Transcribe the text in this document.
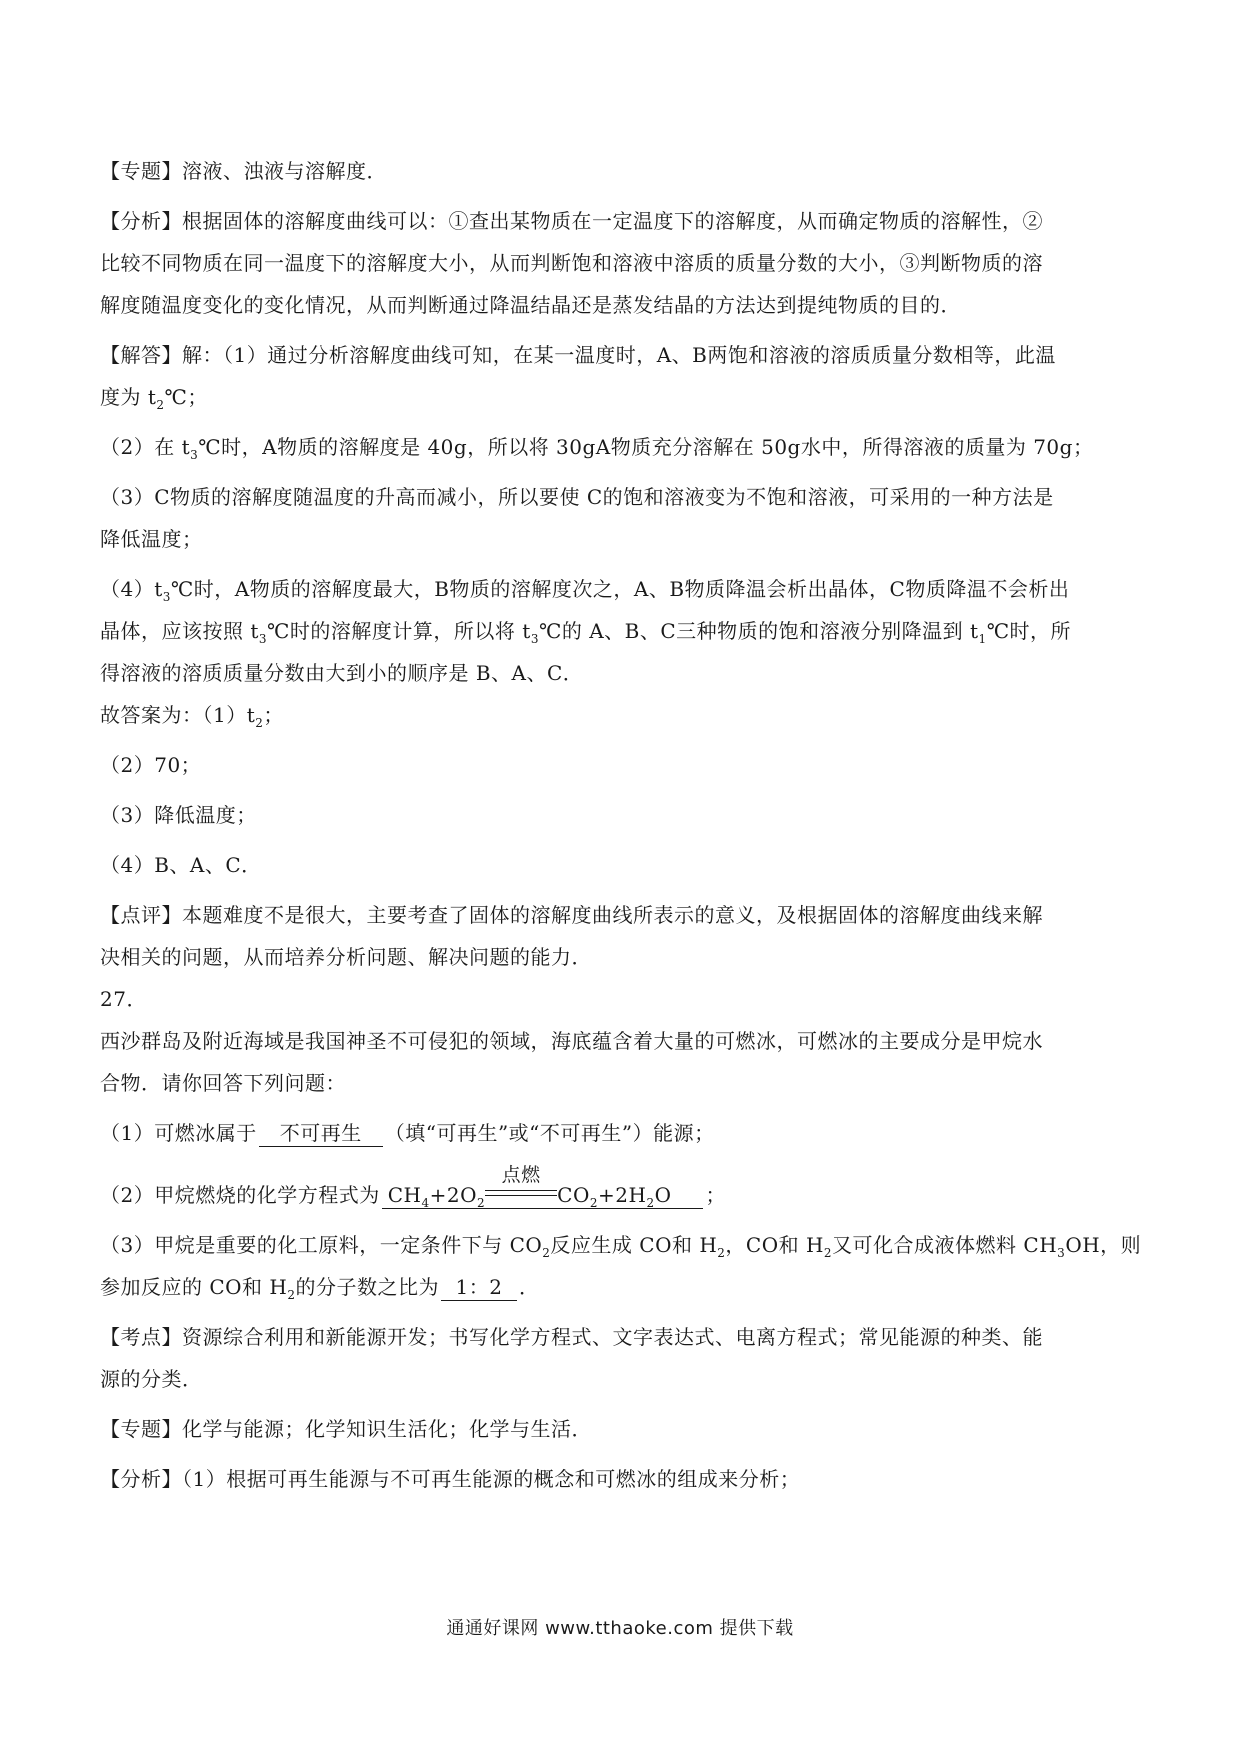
【专题】溶液、浊液与溶解度．
【分析】根据固体的溶解度曲线可以：①查出某物质在一定温度下的溶解度，从而确定物质的溶解性，②
比较不同物质在同一温度下的溶解度大小，从而判断饱和溶液中溶质的质量分数的大小，③判断物质的溶
解度随温度变化的变化情况，从而判断通过降温结晶还是蒸发结晶的方法达到提纯物质的目的．
【解答】解：（1）通过分析溶解度曲线可知，在某一温度时，A、B两饱和溶液的溶质质量分数相等，此温
度为 $t_2℃$；
（2）在 $t_3℃$时，A物质的溶解度是 40g，所以将 30gA物质充分溶解在 50g水中，所得溶液的质量为 70g；
（3）C物质的溶解度随温度的升高而减小，所以要使 C的饱和溶液变为不饱和溶液，可采用的一种方法是
降低温度；
$(4)t_3℃$时，A物质的溶解度最大，B物质的溶解度次之，A、B物质降温会析出晶体，C物质降温不会析出
晶体，应该按照 $t_3℃$时的溶解度计算，所以将 $t_3℃$的 A、B、C三种物质的饱和溶液分别降温到 $t_1℃$时，所
得溶液的溶质质量分数由大到小的顺序是 B、A、C．
故答案为：$(1)t_2$；
（2）70；
（3）降低温度；
（4）B、A、C．
【点评】本题难度不是很大，主要考查了固体的溶解度曲线所表示的意义，及根据固体的溶解度曲线来解
决相关的问题，从而培养分析问题、解决问题的能力．
27．
西沙群岛及附近海域是我国神圣不可侵犯的领域，海底蕴含着大量的可燃冰，可燃冰的主要成分是甲烷水
合物．请你回答下列问题：
（1）可燃冰属于 不可再生 （填“可再生”或“不可再生”）能源；
（2）甲烷燃烧的化学方程式为 $CH_4+2O_2$
点燃
$CO_2+2H_2O$ ；
（3）甲烷是重要的化工原料，一定条件下与 $CO_2$反应生成 CO和 $H_2$，CO和 $H_2$又可化合成液体燃料 $CH_3OH$，则
参加反应的 CO和 $H_2$的分子数之比为 1：2 ．
【考点】资源综合利用和新能源开发；书写化学方程式、文字表达式、电离方程式；常见能源的种类、能
源的分类．
【专题】化学与能源；化学知识生活化；化学与生活．
【分析】（1）根据可再生能源与不可再生能源的概念和可燃冰的组成来分析；
通通好课网 www.tthaoke.com 提供下载
